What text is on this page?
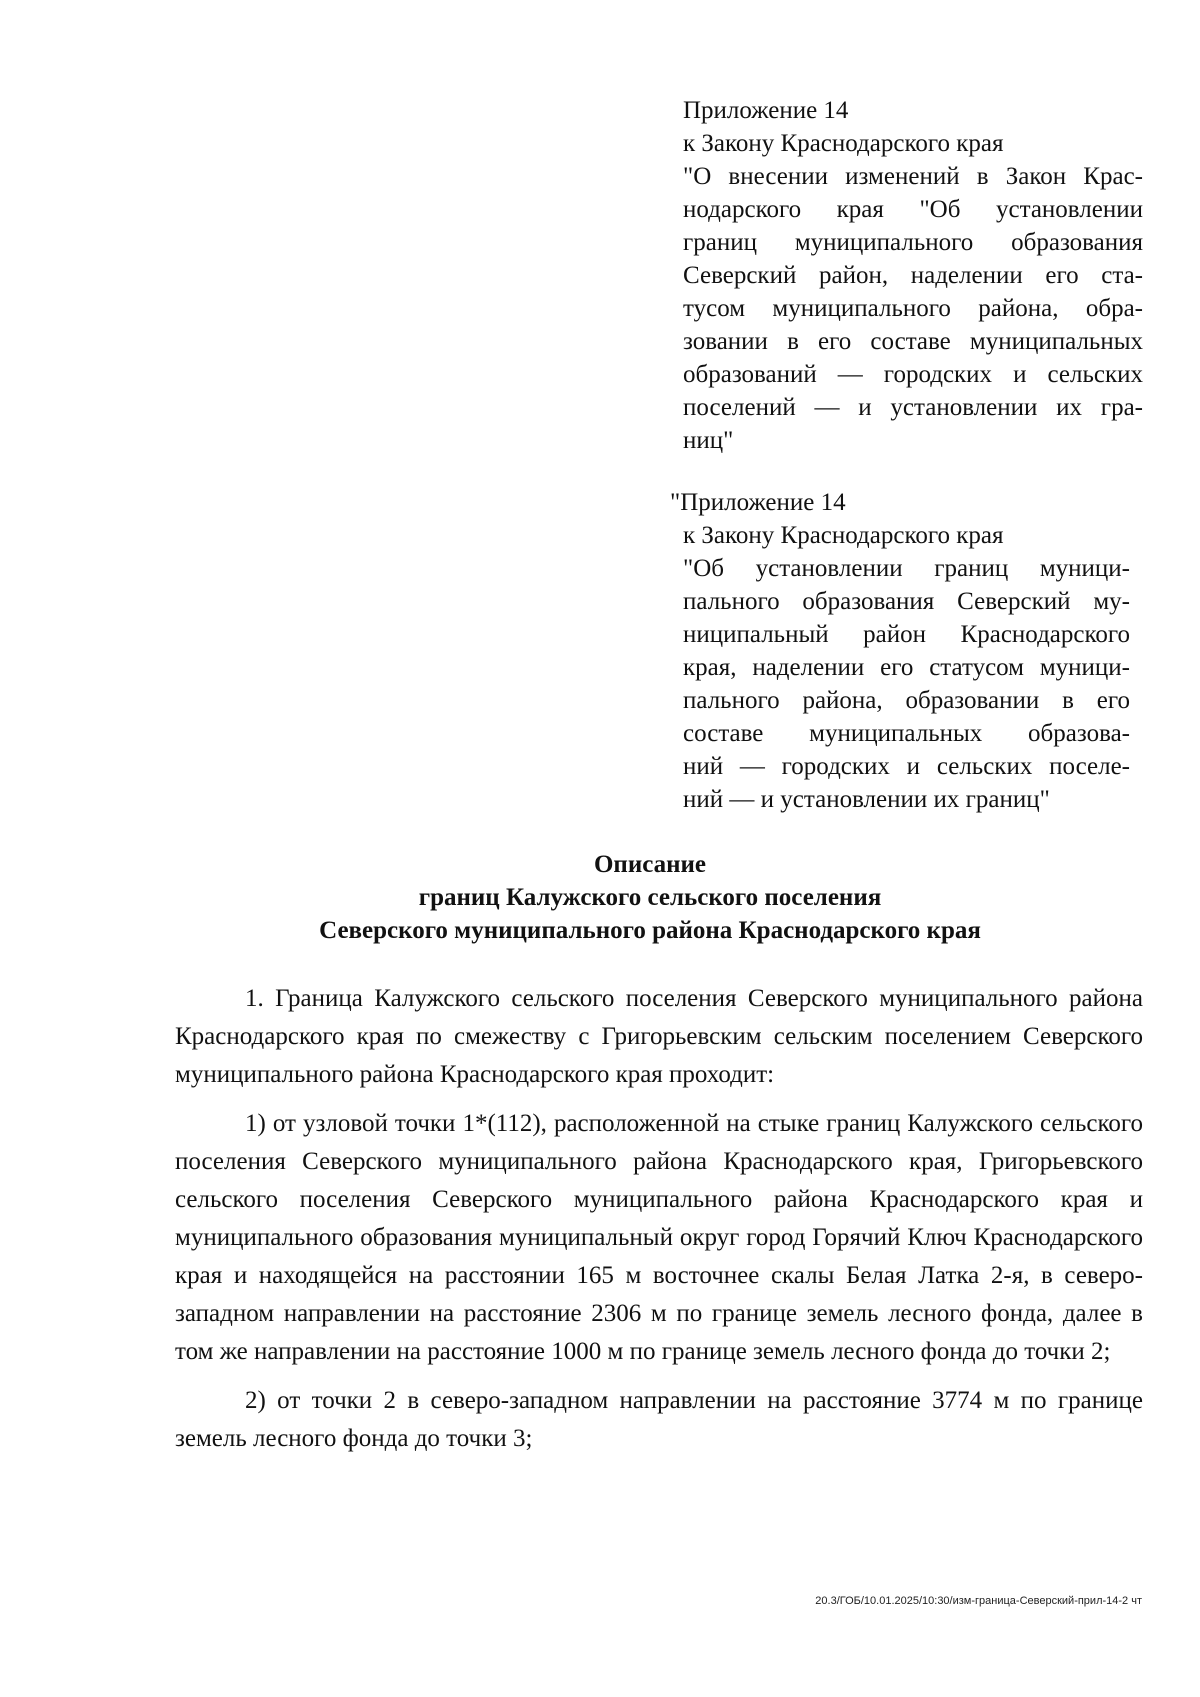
Приложение 14
к Закону Краснодарского края
"О внесении изменений в Закон Крас-
нодарского края "Об установлении
границ муниципального образования
Северский район, наделении его ста-
тусом муниципального района, обра-
зовании в его составе муниципальных
образований — городских и сельских
поселений — и установлении их гра-
ниц"
"Приложение 14
к Закону Краснодарского края
"Об установлении границ муници-
пального образования Северский му-
ниципальный район Краснодарского
края, наделении его статусом муници-
пального района, образовании в его
составе муниципальных образова-
ний — городских и сельских поселе-
ний — и установлении их границ"
Описание
границ Калужского сельского поселения
Северского муниципального района Краснодарского края

1. Граница Калужского сельского поселения Северского муниципального района Краснодарского края по смежеству с Григорьевским сельским поселением Северского муниципального района Краснодарского края проходит:

1) от узловой точки 1*(112), расположенной на стыке границ Калужского сельского поселения Северского муниципального района Краснодарского края, Григорьевского сельского поселения Северского муниципального района Краснодарского края и муниципального образования муниципальный округ город Горячий Ключ Краснодарского края и находящейся на расстоянии 165 м восточнее скалы Белая Латка 2-я, в северо-западном направлении на расстояние 2306 м по границе земель лесного фонда, далее в том же направлении на расстояние 1000 м по границе земель лесного фонда до точки 2;

2) от точки 2 в северо-западном направлении на расстояние 3774 м по границе земель лесного фонда до точки 3;

20.3/ГОБ/10.01.2025/10:30/изм-граница-Северский-прил-14-2 чт
